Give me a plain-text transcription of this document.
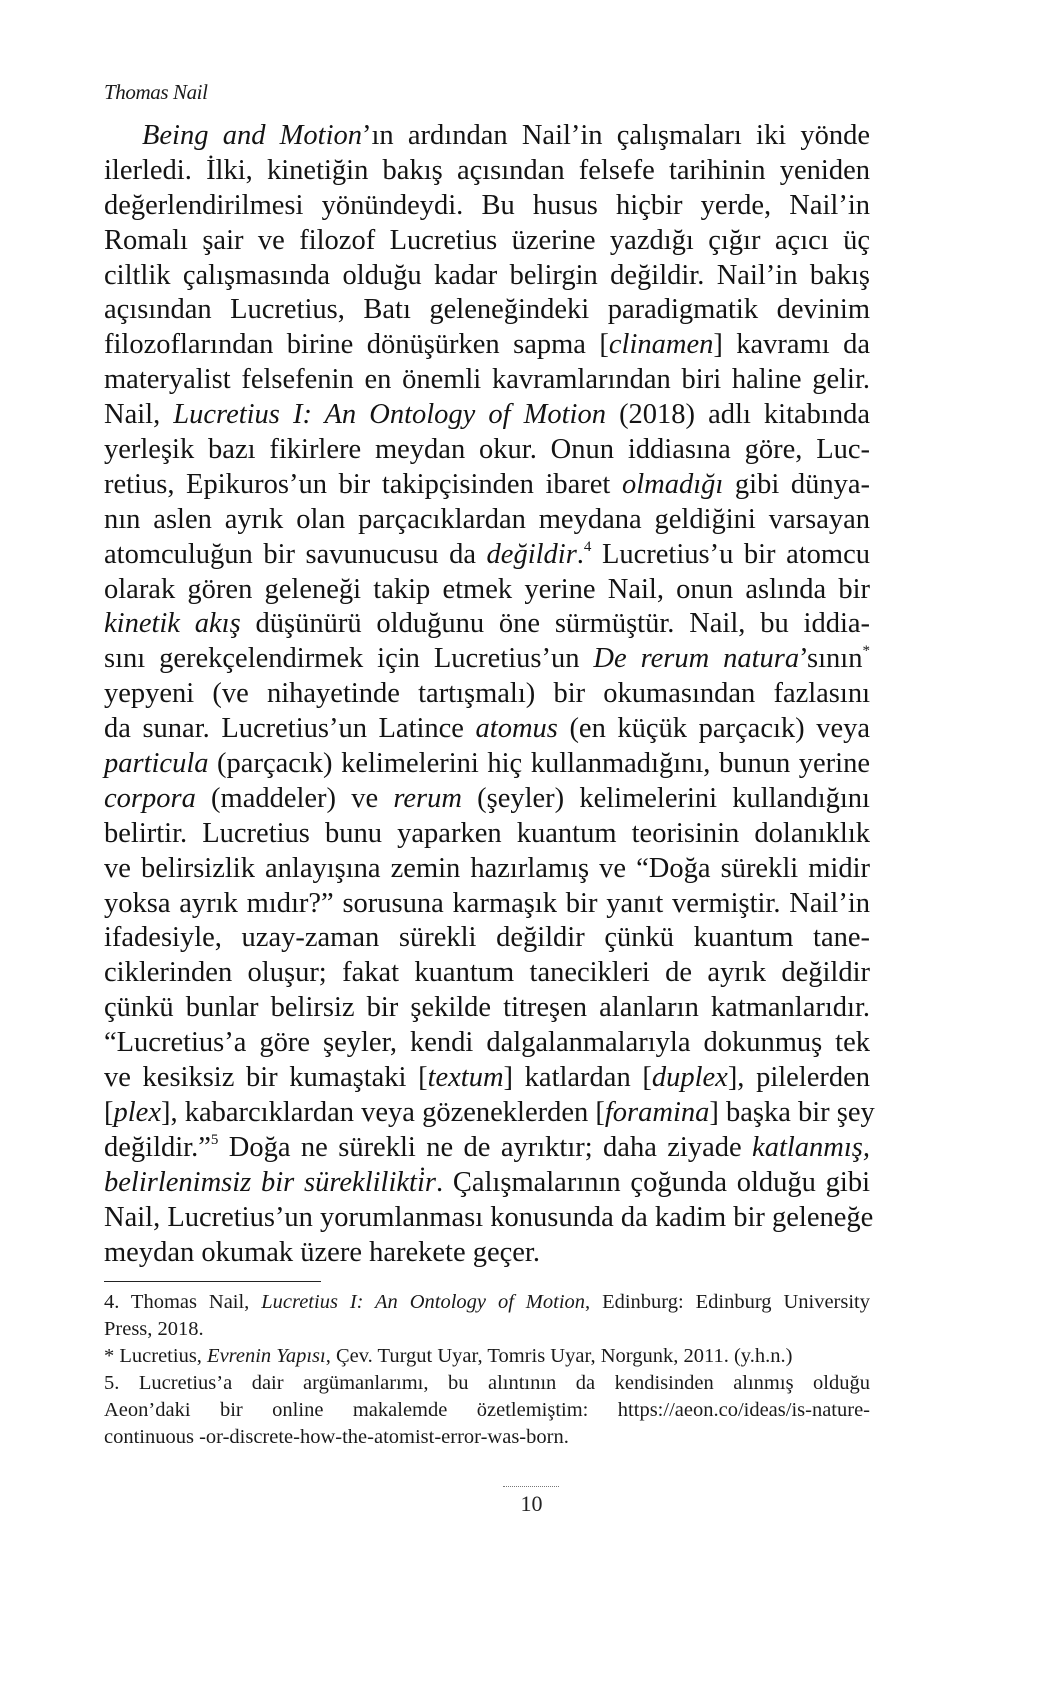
Thomas Nail
Being and Motion’ın ardından Nail’in çalışmaları iki yönde
ilerledi. İlki, kinetiğin bakış açısından felsefe tarihinin yeniden
değerlendirilmesi yönündeydi. Bu husus hiçbir yerde, Nail’in
Romalı şair ve filozof Lucretius üzerine yazdığı çığır açıcı üç
ciltlik çalışmasında olduğu kadar belirgin değildir. Nail’in bakış
açısından Lucretius, Batı geleneğindeki paradigmatik devinim
filozoflarından birine dönüşürken sapma [clinamen] kavramı da
materyalist felsefenin en önemli kavramlarından biri haline gelir.
Nail, Lucretius I: An Ontology of Motion (2018) adlı kitabında
yerleşik bazı fikirlere meydan okur. Onun iddiasına göre, Luc-
retius, Epikuros’un bir takipçisinden ibaret olmadığı gibi dünya-
nın aslen ayrık olan parçacıklardan meydana geldiğini varsayan
atomculuğun bir savunucusu da değildir.$^4$ Lucretius’u bir atomcu
olarak gören geleneği takip etmek yerine Nail, onun aslında bir
kinetik akış düşünürü olduğunu öne sürmüştür. Nail, bu iddia-
sını gerekçelendirmek için Lucretius’un De rerum natura’sının*
yepyeni (ve nihayetinde tartışmalı) bir okumasından fazlasını
da sunar. Lucretius’un Latince atomus (en küçük parçacık) veya
particula (parçacık) kelimelerini hiç kullanmadığını, bunun yerine
corpora (maddeler) ve rerum (şeyler) kelimelerini kullandığını
belirtir. Lucretius bunu yaparken kuantum teorisinin dolanıklık
ve belirsizlik anlayışına zemin hazırlamış ve “Doğa sürekli midir
yoksa ayrık mıdır?” sorusuna karmaşık bir yanıt vermiştir. Nail’in
ifadesiyle, uzay-zaman sürekli değildir çünkü kuantum tane-
ciklerinden oluşur; fakat kuantum tanecikleri de ayrık değildir
çünkü bunlar belirsiz bir şekilde titreşen alanların katmanlarıdır.
“Lucretius’a göre şeyler, kendi dalgalanmalarıyla dokunmuş tek
ve kesiksiz bir kumaştaki [textum] katlardan [duplex], pilelerden
[plex], kabarcıklardan veya gözeneklerden [foramina] başka bir şey
değildir.”$^5$ Doğa ne sürekli ne de ayrıktır; daha ziyade katlanmış,
belirlenimsiz bir süreklilikti̇r. Çalışmalarının çoğunda olduğu gibi
Nail, Lucretius’un yorumlanması konusunda da kadim bir geleneğe
meydan okumak üzere harekete geçer.
4. Thomas Nail, Lucretius I: An Ontology of Motion, Edinburg: Edinburg University
Press, 2018.
* Lucretius, Evrenin Yapısı, Çev. Turgut Uyar, Tomris Uyar, Norgunk, 2011. (y.h.n.)
5. Lucretius’a dair argümanlarımı, bu alıntının da kendisinden alınmış olduğu
Aeon’daki bir online makalemde özetlemiştim: https://aeon.co/ideas/is-nature-
continuous -or-discrete-how-the-atomist-error-was-born.
10
